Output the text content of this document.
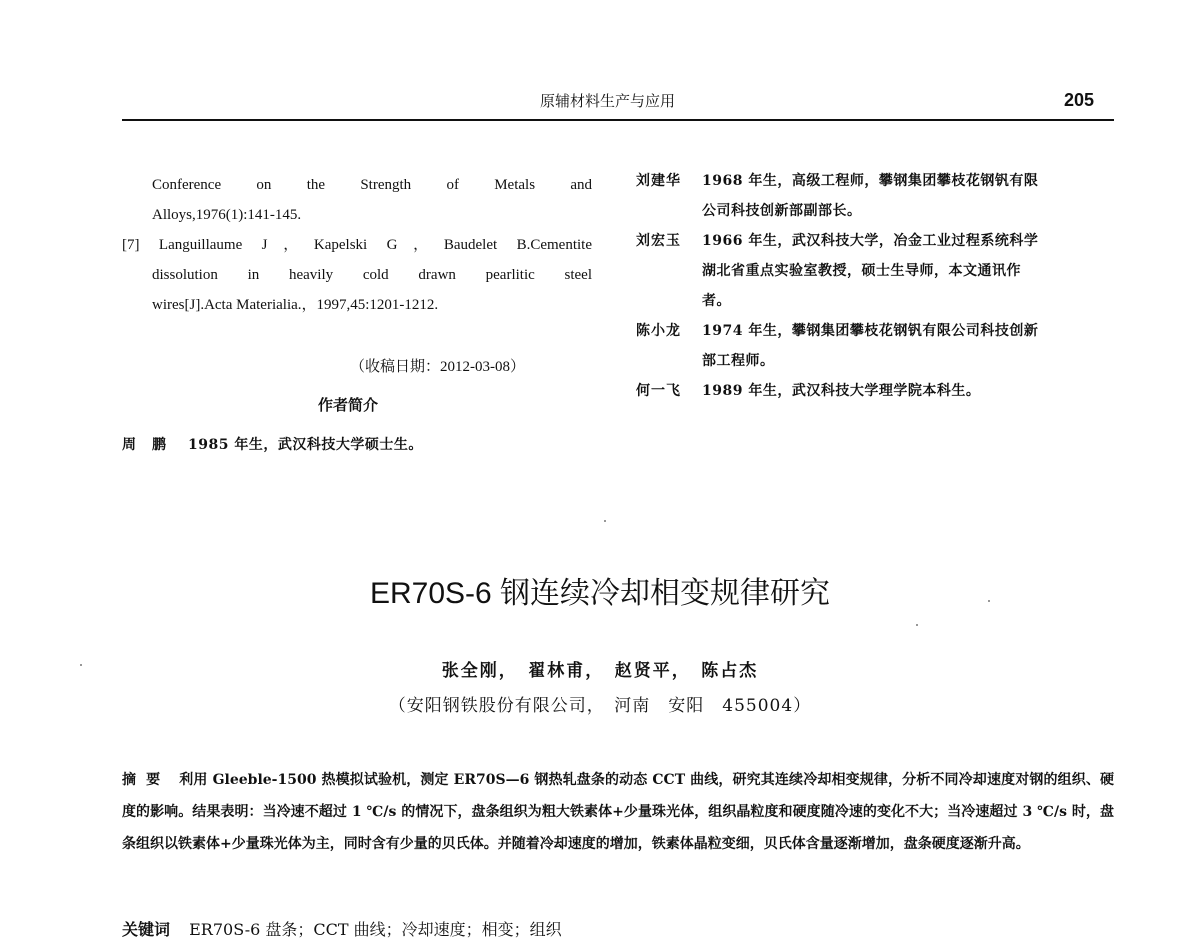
原辅材料生产与应用	205
Conference on the Strength of Metals and
Alloys,1976(1):141-145.
[7] Languillaume J，Kapelski G，Baudelet B.Cementite
dissolution in heavily cold drawn pearlitic steel
wires[J].Acta Materialia.，1997,45:1201-1212.
（收稿日期：2012-03-08）
作者简介
周　鹏	1985 年生，武汉科技大学硕士生。
刘建华	1968 年生，高级工程师，攀钢集团攀枝花钢钒有限
公司科技创新部副部长。
刘宏玉	1966 年生，武汉科技大学，冶金工业过程系统科学
湖北省重点实验室教授，硕士生导师，本文通讯作
者。
陈小龙	1974 年生，攀钢集团攀枝花钢钒有限公司科技创新
部工程师。
何一飞	1989 年生，武汉科技大学理学院本科生。
ER70S-6 钢连续冷却相变规律研究
张全刚，　翟林甫，　赵贤平，　陈占杰
（安阳钢铁股份有限公司，　河南　安阳　455004）
摘要 利用 Gleeble-1500 热模拟试验机，测定 ER70S—6 钢热轧盘条的动态 CCT 曲线，研究其连续冷却相变规律，分析不同冷却速度对钢的组织、硬度的影响。结果表明：当冷速不超过 1 ℃/s 的情况下，盘条组织为粗大铁素体+少量珠光体，组织晶粒度和硬度随冷速的变化不大；当冷速超过 3 ℃/s 时，盘条组织以铁素体+少量珠光体为主，同时含有少量的贝氏体。并随着冷却速度的增加，铁素体晶粒变细，贝氏体含量逐渐增加，盘条硬度逐渐升高。
关键词 ER70S-6 盘条；CCT 曲线；冷却速度；相变；组织
